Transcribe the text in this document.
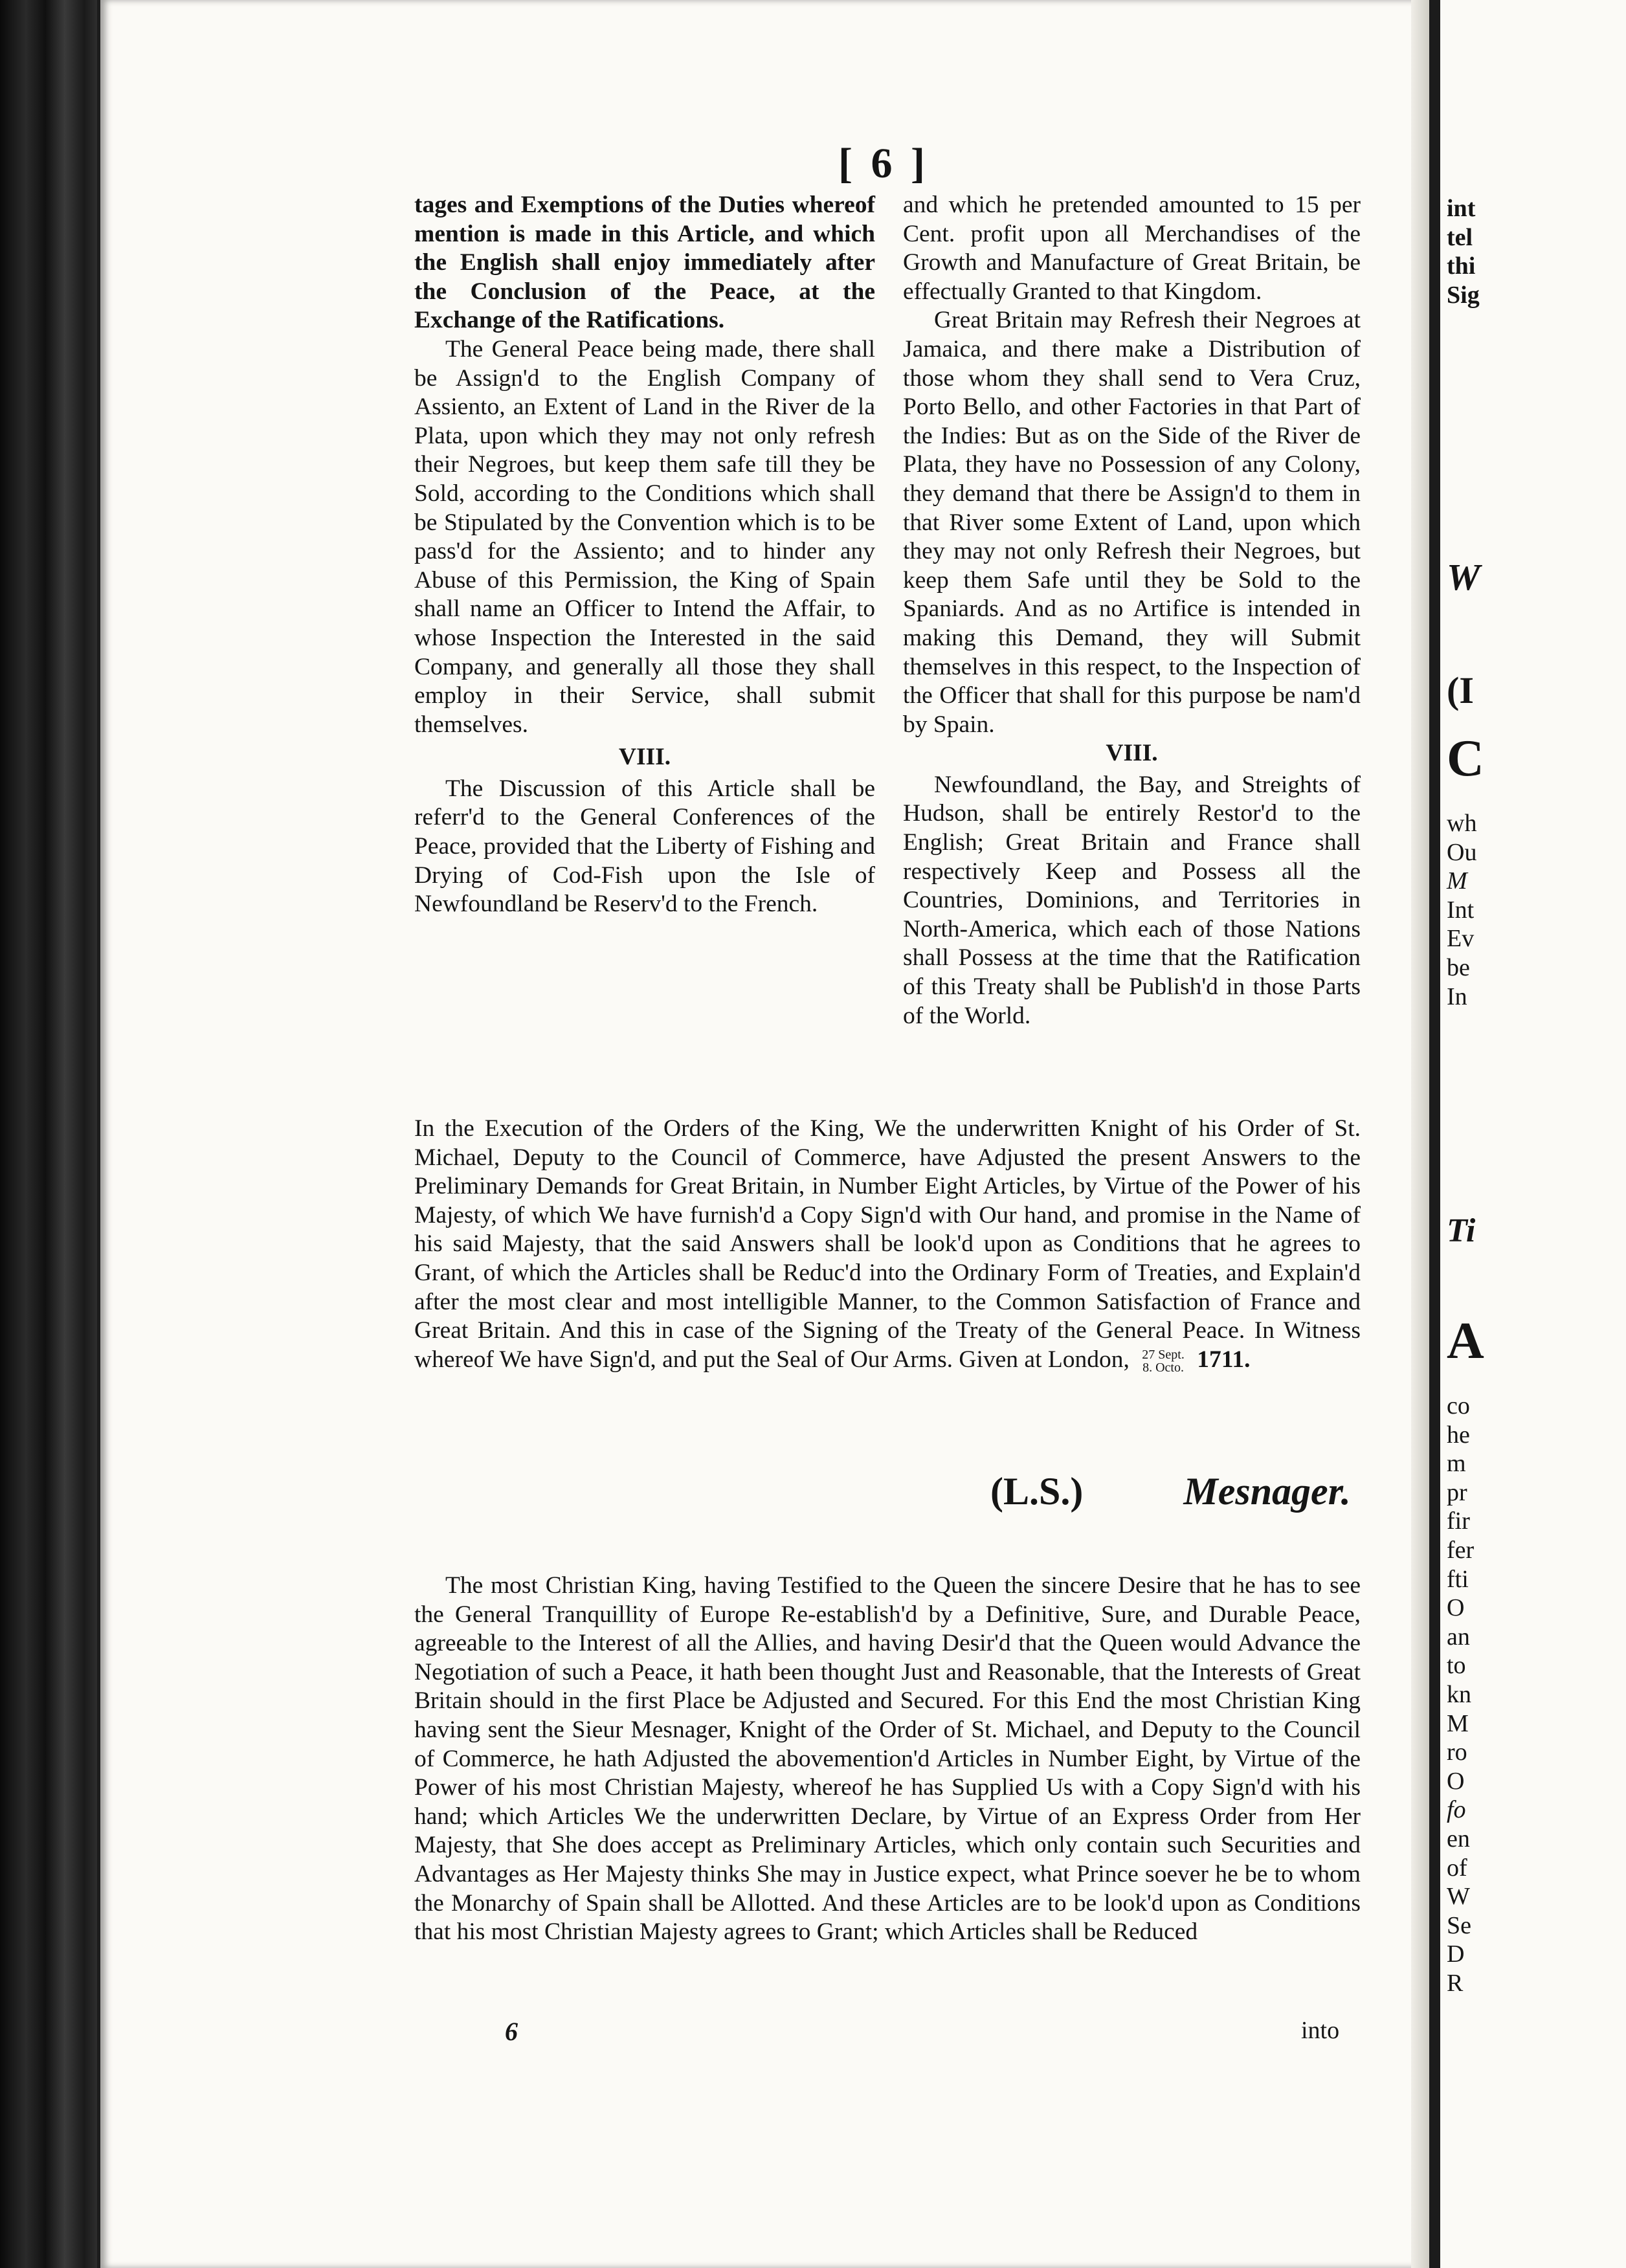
[ 6 ]

tages and Exemptions of the Duties whereof mention is made in this Article, and which the English shall enjoy immediately after the Conclusion of the Peace, at the Exchange of the Ratifications.

The General Peace being made, there shall be Assign'd to the English Company of Assiento, an Extent of Land in the River de la Plata, upon which they may not only refresh their Negroes, but keep them safe till they be Sold, according to the Conditions which shall be Stipulated by the Convention which is to be pass'd for the Assiento; and to hinder any Abuse of this Permission, the King of Spain shall name an Officer to Intend the Affair, to whose Inspection the Interested in the said Company, and generally all those they shall employ in their Service, shall submit themselves.

VIII.

The Discussion of this Article shall be referr'd to the General Conferences of the Peace, provided that the Liberty of Fishing and Drying of Cod-Fish upon the Isle of Newfoundland be Reserv'd to the French.

and which he pretended amounted to 15 per Cent. profit upon all Merchandises of the Growth and Manufacture of Great Britain, be effectually Granted to that Kingdom.

Great Britain may Refresh their Negroes at Jamaica, and there make a Distribution of those whom they shall send to Vera Cruz, Porto Bello, and other Factories in that Part of the Indies: But as on the Side of the River de Plata, they have no Possession of any Colony, they demand that there be Assign'd to them in that River some Extent of Land, upon which they may not only Refresh their Negroes, but keep them Safe until they be Sold to the Spaniards. And as no Artifice is intended in making this Demand, they will Submit themselves in this respect, to the Inspection of the Officer that shall for this purpose be nam'd by Spain.

VIII.

Newfoundland, the Bay, and Streights of Hudson, shall be entirely Restor'd to the English; Great Britain and France shall respectively Keep and Possess all the Countries, Dominions, and Territories in North-America, which each of those Nations shall Possess at the time that the Ratification of this Treaty shall be Publish'd in those Parts of the World.

In the Execution of the Orders of the King, We the underwritten Knight of his Order of St. Michael, Deputy to the Council of Commerce, have Adjusted the present Answers to the Preliminary Demands for Great Britain, in Number Eight Articles, by Virtue of the Power of his Majesty, of which We have furnish'd a Copy Sign'd with Our hand, and promise in the Name of his said Majesty, that the said Answers shall be look'd upon as Conditions that he agrees to Grant, of which the Articles shall be Reduc'd into the Ordinary Form of Treaties, and Explain'd after the most clear and most intelligible Manner, to the Common Satisfaction of France and Great Britain. And this in case of the Signing of the Treaty of the General Peace. In Witness whereof We have Sign'd, and put the Seal of Our Arms. Given at London, 27 Sept.
8. Octo. 1711.

(L.S.)	Mesnager.

The most Christian King, having Testified to the Queen the sincere Desire that he has to see the General Tranquillity of Europe Re-establish'd by a Definitive, Sure, and Durable Peace, agreeable to the Interest of all the Allies, and having Desir'd that the Queen would Advance the Negotiation of such a Peace, it hath been thought Just and Reasonable, that the Interests of Great Britain should in the first Place be Adjusted and Secured. For this End the most Christian King having sent the Sieur Mesnager, Knight of the Order of St. Michael, and Deputy to the Council of Commerce, he hath Adjusted the abovemention'd Articles in Number Eight, by Virtue of the Power of his most Christian Majesty, whereof he has Supplied Us with a Copy Sign'd with his hand; which Articles We the underwritten Declare, by Virtue of an Express Order from Her Majesty, that She does accept as Preliminary Articles, which only contain such Securities and Advantages as Her Majesty thinks She may in Justice expect, what Prince soever he be to whom the Monarchy of Spain shall be Allotted. And these Articles are to be look'd upon as Conditions that his most Christian Majesty agrees to Grant; which Articles shall be Reduced

6	into
int
tel
thi
Sig
W
(I
C
wh
Ou
M
Int
Ev
be
In
Ti
A
co
he
m
pr
fir
fer
fti
O
an
to
kn
M
ro
O
fo
en
of
W
Se
D
R
